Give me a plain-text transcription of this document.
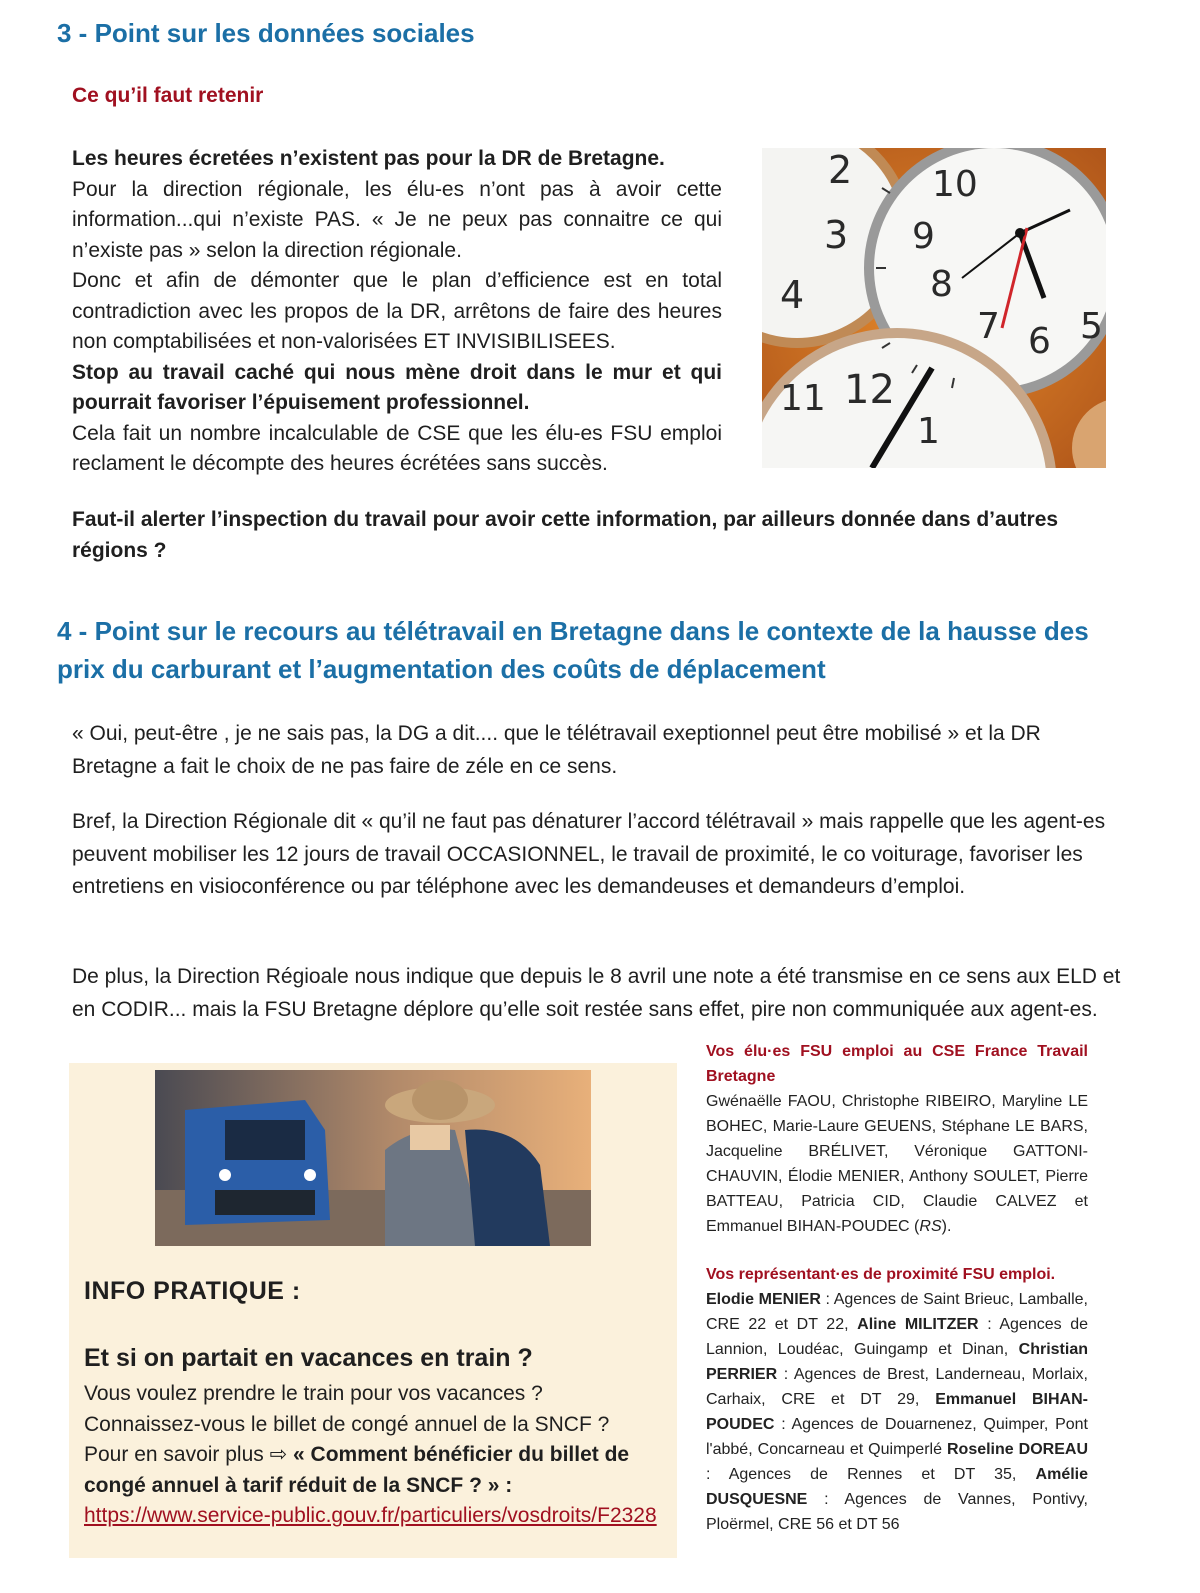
3 - Point sur les données sociales
Ce qu’il faut retenir

Les heures écretées n’existent pas pour la DR de Bretagne.

Pour la direction régionale, les élu-es n’ont pas à avoir cette information...qui n’existe PAS. « Je ne peux pas connaitre ce qui n’existe pas » selon la direction régionale.

Donc et afin de démonter que le plan d’efficience est en total contradiction avec les propos de la DR, arrêtons de faire des heures non comptabilisées et non-valorisées ET INVISIBILISEES.

Stop au travail caché qui nous mène droit dans le mur et qui pourrait favoriser l’épuisement professionnel.

Cela fait un nombre incalculable de CSE que les élu-es FSU emploi reclament le décompte des heures écrétées sans succès.

2
3
4
10
9
8
7 6 5
11 12
1

Faut-il alerter l’inspection du travail pour avoir cette information, par ailleurs donnée dans d’autres régions ?

4 - Point sur le recours au télétravail en Bretagne dans le contexte de la hausse des prix du carburant et l’augmentation des coûts de déplacement

« Oui, peut-être , je ne sais pas, la DG a dit.... que le télétravail exeptionnel peut être mobilisé » et la DR Bretagne a fait le choix de ne pas faire de zéle en ce sens.

Bref, la Direction Régionale dit « qu’il ne faut pas dénaturer l’accord télétravail » mais rappelle que les agent-es peuvent mobiliser les 12 jours de travail OCCASIONNEL, le travail de proximité, le co voiturage, favoriser les entretiens en visioconférence ou par téléphone avec les demandeuses et demandeurs d’emploi.

De plus, la Direction Régioale nous indique que depuis le 8 avril une note a été transmise en ce sens aux ELD et en CODIR... mais la FSU Bretagne déplore qu’elle soit restée sans effet, pire non communiquée aux agent-es.

INFO PRATIQUE :
Et si on partait en vacances en train ?

Vous voulez prendre le train pour vos vacances ?

Connaissez-vous le billet de congé annuel de la SNCF ?

Pour en savoir plus ⇨ « Comment bénéficier du billet de congé annuel à tarif réduit de la SNCF ? » :

https://www.service-public.gouv.fr/particuliers/vosdroits/F2328

Vos élu·es FSU emploi au CSE France Travail Bretagne

Gwénaëlle FAOU, Christophe RIBEIRO, Maryline LE BOHEC, Marie-Laure GEUENS, Stéphane LE BARS, Jacqueline BRÉLIVET, Véronique GATTONI-CHAUVIN, Élodie MENIER, Anthony SOULET, Pierre BATTEAU, Patricia CID, Claudie CALVEZ et Emmanuel BIHAN-POUDEC (RS).

Vos représentant·es de proximité FSU emploi.

Elodie MENIER : Agences de Saint Brieuc, Lamballe, CRE 22 et DT 22, Aline MILITZER : Agences de Lannion, Loudéac, Guingamp et Dinan, Christian PERRIER : Agences de Brest, Landerneau, Morlaix, Carhaix, CRE et DT 29, Emmanuel BIHAN-POUDEC : Agences de Douarnenez, Quimper, Pont l'abbé, Concarneau et Quimperlé Roseline DOREAU : Agences de Rennes et DT 35, Amélie DUSQUESNE : Agences de Vannes, Pontivy, Ploërmel, CRE 56 et DT 56
